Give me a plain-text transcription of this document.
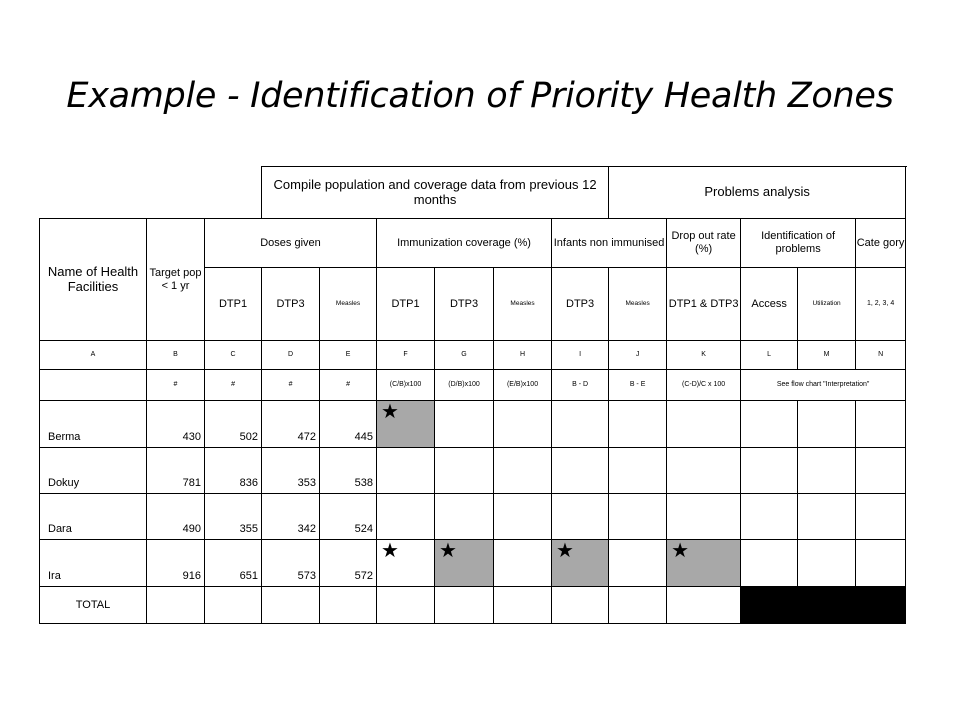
Example - Identification of Priority Health Zones
			Compile population and coverage data from previous 12 months						Problems analysis				
Name of Health Facilities	Target pop < 1 yr	Doses given			Immunization coverage (%)			Infants non immunised		Drop out rate (%)	Identification of problems		Cate gory
		DTP1	DTP3	Measles	DTP1	DTP3	Measles	DTP3	Measles	DTP1 & DTP3	Access	Utilization	1, 2, 3, 4
A	B	C	D	E	F	G	H	I	J	K	L	M	N
	#	#	#	#	(C/B)x100	(D/B)x100	(E/B)x100	B - D	B - E	(C-D)/C x 100	See flow chart "Interpretation"		
Berma	430	502	472	445	★								

Dokuy	781	836	353	538									
Dara	490	355	342	524									
Ira	916	651	573	572	★	★		★		★			

TOTAL													
